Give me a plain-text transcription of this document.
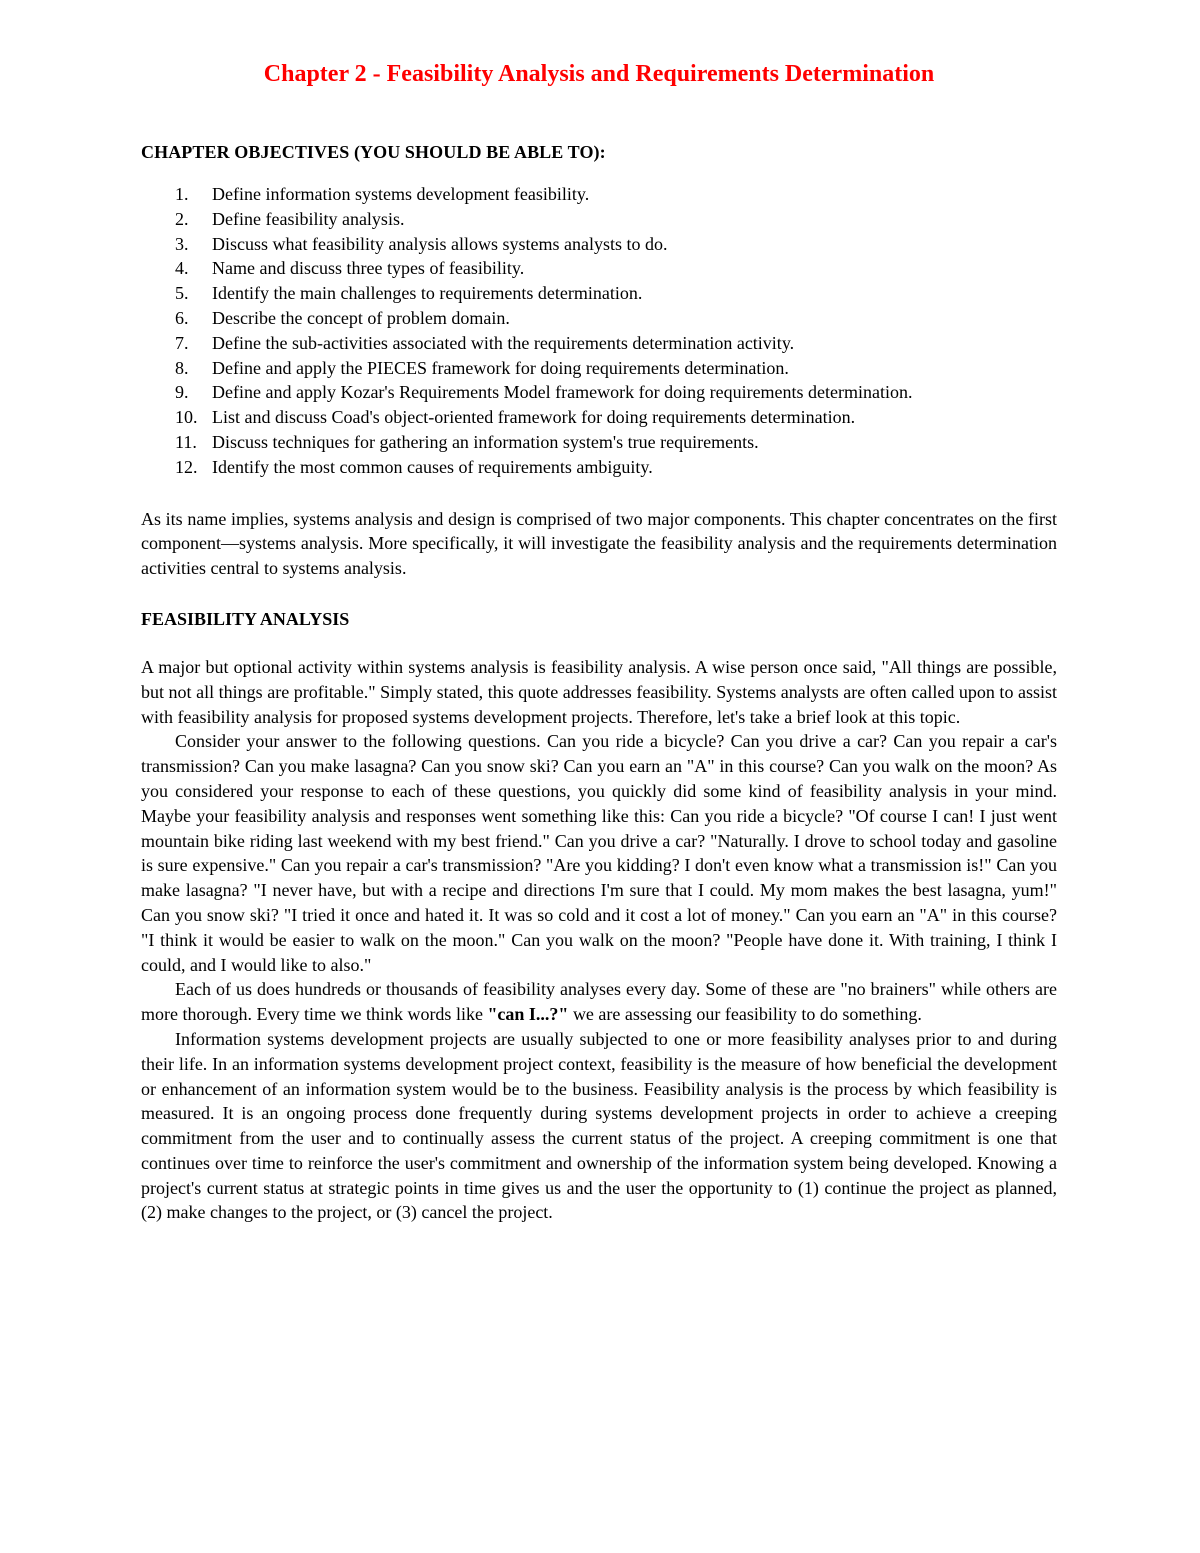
Chapter 2 - Feasibility Analysis and Requirements Determination
CHAPTER OBJECTIVES (YOU SHOULD BE ABLE TO):
1. Define information systems development feasibility.
2. Define feasibility analysis.
3. Discuss what feasibility analysis allows systems analysts to do.
4. Name and discuss three types of feasibility.
5. Identify the main challenges to requirements determination.
6. Describe the concept of problem domain.
7. Define the sub-activities associated with the requirements determination activity.
8. Define and apply the PIECES framework for doing requirements determination.
9. Define and apply Kozar's Requirements Model framework for doing requirements determination.
10. List and discuss Coad's object-oriented framework for doing requirements determination.
11. Discuss techniques for gathering an information system's true requirements.
12. Identify the most common causes of requirements ambiguity.

As its name implies, systems analysis and design is comprised of two major components. This chapter concentrates on the first component—systems analysis. More specifically, it will investigate the feasibility analysis and the requirements determination activities central to systems analysis.

FEASIBILITY ANALYSIS

A major but optional activity within systems analysis is feasibility analysis. A wise person once said, "All things are possible, but not all things are profitable." Simply stated, this quote addresses feasibility. Systems analysts are often called upon to assist with feasibility analysis for proposed systems development projects. Therefore, let's take a brief look at this topic.

Consider your answer to the following questions. Can you ride a bicycle? Can you drive a car? Can you repair a car's transmission? Can you make lasagna? Can you snow ski? Can you earn an "A" in this course? Can you walk on the moon? As you considered your response to each of these questions, you quickly did some kind of feasibility analysis in your mind. Maybe your feasibility analysis and responses went something like this: Can you ride a bicycle? "Of course I can! I just went mountain bike riding last weekend with my best friend." Can you drive a car? "Naturally. I drove to school today and gasoline is sure expensive." Can you repair a car's transmission? "Are you kidding? I don't even know what a transmission is!" Can you make lasagna? "I never have, but with a recipe and directions I'm sure that I could. My mom makes the best lasagna, yum!" Can you snow ski? "I tried it once and hated it. It was so cold and it cost a lot of money." Can you earn an "A" in this course? "I think it would be easier to walk on the moon." Can you walk on the moon? "People have done it. With training, I think I could, and I would like to also."

Each of us does hundreds or thousands of feasibility analyses every day. Some of these are "no brainers" while others are more thorough. Every time we think words like "can I...?" we are assessing our feasibility to do something.

Information systems development projects are usually subjected to one or more feasibility analyses prior to and during their life. In an information systems development project context, feasibility is the measure of how beneficial the development or enhancement of an information system would be to the business. Feasibility analysis is the process by which feasibility is measured. It is an ongoing process done frequently during systems development projects in order to achieve a creeping commitment from the user and to continually assess the current status of the project. A creeping commitment is one that continues over time to reinforce the user's commitment and ownership of the information system being developed. Knowing a project's current status at strategic points in time gives us and the user the opportunity to (1) continue the project as planned, (2) make changes to the project, or (3) cancel the project.
